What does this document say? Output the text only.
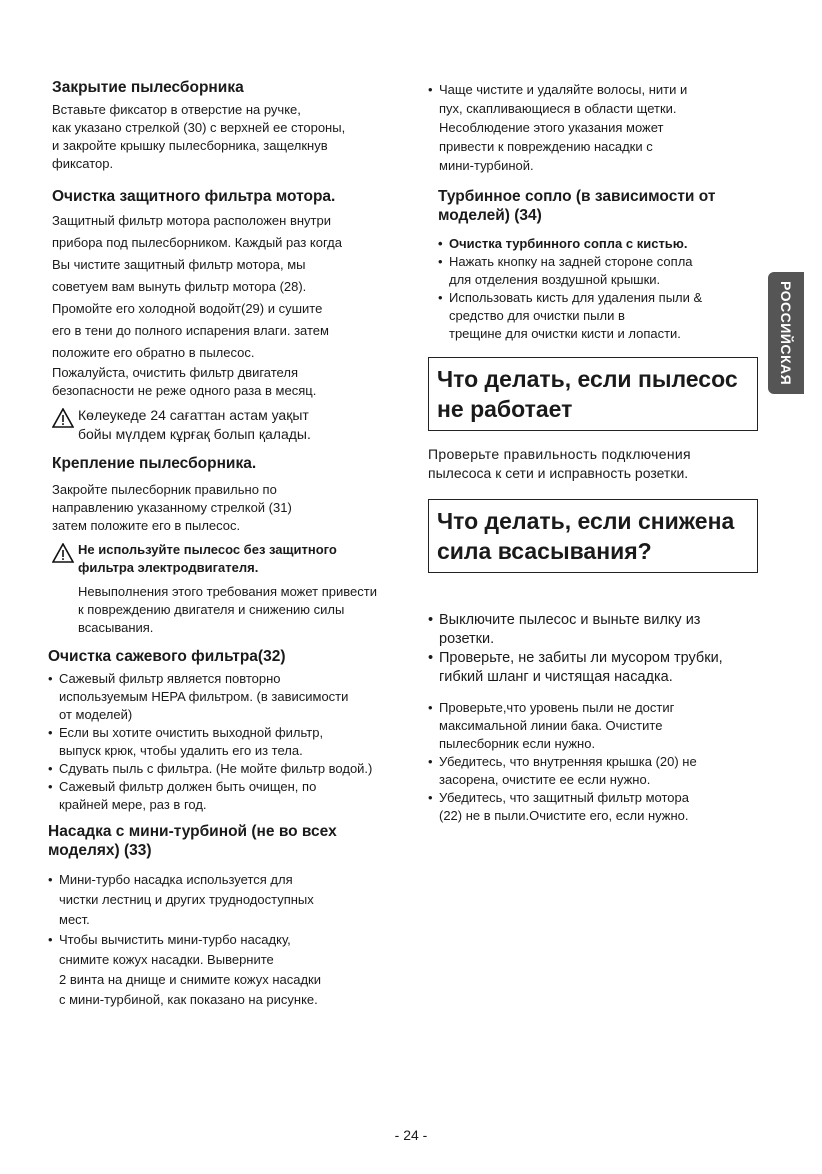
РОССИЙСКАЯ
Закрытие пылесборника

Вставьте фиксатор в отверстие на ручке,

как указано стрелкой (30) с верхней ее стороны,

и закройте крышку пылесборника, защелкнув

фиксатор.

Очистка защитного фильтра мотора.

Защитный фильтр мотора расположен внутри

прибора под пылесборником. Каждый раз когда

Вы чистите защитный фильтр мотора, мы

советуем вам вынуть фильтр мотора (28).

Промойте его холодной водойт(29) и сушите

его в тени до полного испарения влаги. затем

положите его обратно в пылесос.

Пожалуйста, очистить фильтр двигателя

безопасности не реже одного раза в месяц.

Көлеукеде 24 сағаттан астам уақыт

бойы мүлдем кұрғақ болып қалады.

Крепление пылесборника.

Закройте пылесборник правильно по

направлению указанному стрелкой (31)

затем положите его в пылесос.

Не используйте пылесос без защитного

фильтра электродвигателя.

Невыполнения этого требования может привести

к повреждению двигателя и снижению силы

всасывания.

Очистка сажевого фильтра(32)
• Сажевый фильтр является повторно
используемым HEPA фильтром. (в зависимости
от моделей)
• Если вы хотите очистить выходной фильтр,
выпуск крюк, чтобы удалить его из тела.
• Сдувать пыль с фильтра. (Не мойте фильтр водой.)
• Сажевый фильтр должен быть очищен, по
крайней мере, раз в год.
Насадка с мини-турбиной (не во всех
моделях) (33)
• Мини-турбо насадка используется для
чистки лестниц и других труднодоступных
мест.
• Чтобы вычистить мини-турбо насадку,
снимите кожух насадки. Выверните
2 винта на днище и снимите кожух насадки
с мини-турбиной, как показано на рисунке.
• Чаще чистите и удаляйте волосы, нити и
пух, скапливающиеся в области щетки.
Несоблюдение этого указания может
привести к повреждению насадки с
мини-турбиной.
Турбинное сопло (в зависимости от
моделей) (34)
• Очистка турбинного сопла с кистью.
• Нажать кнопку на задней стороне сопла
для отделения воздушной крышки.
• Использовать кисть для удаления пыли &
средство для очистки пыли в
трещине для очистки кисти и лопасти.
Что делать, если пылесос
не работает

Проверьте правильность подключения

пылесоса к сети и исправность розетки.

Что делать, если снижена
сила всасывания?
• Выключите пылесос и выньте вилку из
розетки.
• Проверьте, не забиты ли мусором трубки,
гибкий шланг и чистящая насадка.
• Проверьте,что уровень пыли не достиг
максимальной линии бака. Очистите
пылесборник если нужно.
• Убедитесь, что внутренняя крышка (20) не
засорена, очистите ее если нужно.
• Убедитесь, что защитный фильтр мотора
(22) не в пыли.Очистите его, если нужно.
- 24 -
